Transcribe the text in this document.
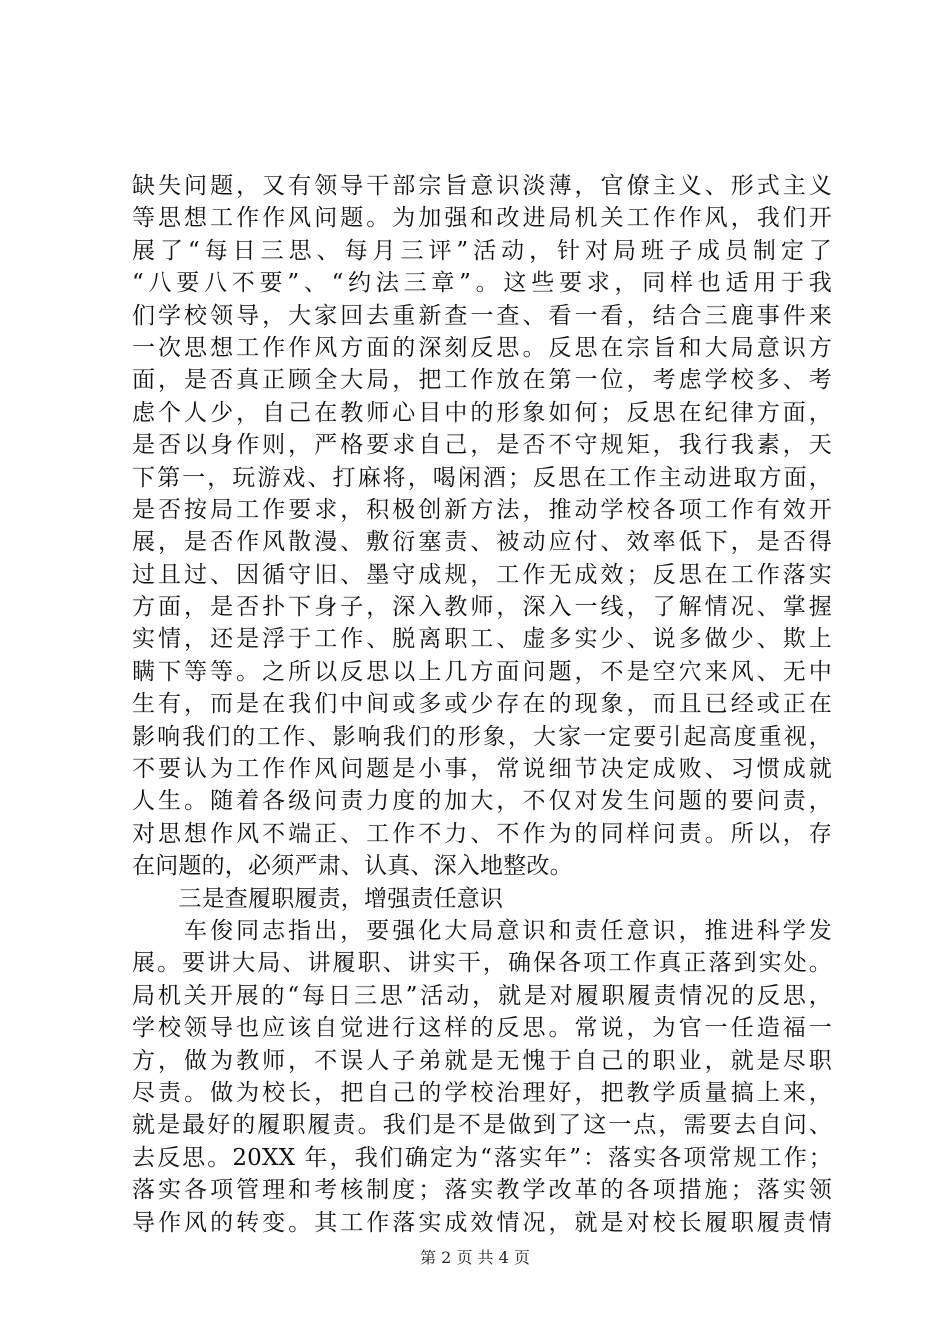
缺失问题，又有领导干部宗旨意识淡薄，官僚主义、形式主义
等思想工作作风问题。为加强和改进局机关工作作风，我们开
展了“每日三思、每月三评”活动，针对局班子成员制定了
“八要八不要”、“约法三章”。这些要求，同样也适用于我
们学校领导，大家回去重新查一查、看一看，结合三鹿事件来
一次思想工作作风方面的深刻反思。反思在宗旨和大局意识方
面，是否真正顾全大局，把工作放在第一位，考虑学校多、考
虑个人少，自己在教师心目中的形象如何；反思在纪律方面，
是否以身作则，严格要求自己，是否不守规矩，我行我素，天
下第一，玩游戏、打麻将，喝闲酒；反思在工作主动进取方面，
是否按局工作要求，积极创新方法，推动学校各项工作有效开
展，是否作风散漫、敷衍塞责、被动应付、效率低下，是否得
过且过、因循守旧、墨守成规，工作无成效；反思在工作落实
方面，是否扑下身子，深入教师，深入一线，了解情况、掌握
实情，还是浮于工作、脱离职工、虚多实少、说多做少、欺上
瞒下等等。之所以反思以上几方面问题，不是空穴来风、无中
生有，而是在我们中间或多或少存在的现象，而且已经或正在
影响我们的工作、影响我们的形象，大家一定要引起高度重视，
不要认为工作作风问题是小事，常说细节决定成败、习惯成就
人生。随着各级问责力度的加大，不仅对发生问题的要问责，
对思想作风不端正、工作不力、不作为的同样问责。所以，存
在问题的，必须严肃、认真、深入地整改。
　　三是查履职履责，增强责任意识
　　车俊同志指出，要强化大局意识和责任意识，推进科学发
展。要讲大局、讲履职、讲实干，确保各项工作真正落到实处。
局机关开展的“每日三思”活动，就是对履职履责情况的反思，
学校领导也应该自觉进行这样的反思。常说，为官一任造福一
方，做为教师，不误人子弟就是无愧于自己的职业，就是尽职
尽责。做为校长，把自己的学校治理好，把教学质量搞上来，
就是最好的履职履责。我们是不是做到了这一点，需要去自问、
去反思。20XX 年，我们确定为“落实年”：落实各项常规工作；
落实各项管理和考核制度；落实教学改革的各项措施；落实领
导作风的转变。其工作落实成效情况，就是对校长履职履责情
第 2 页 共 4 页
